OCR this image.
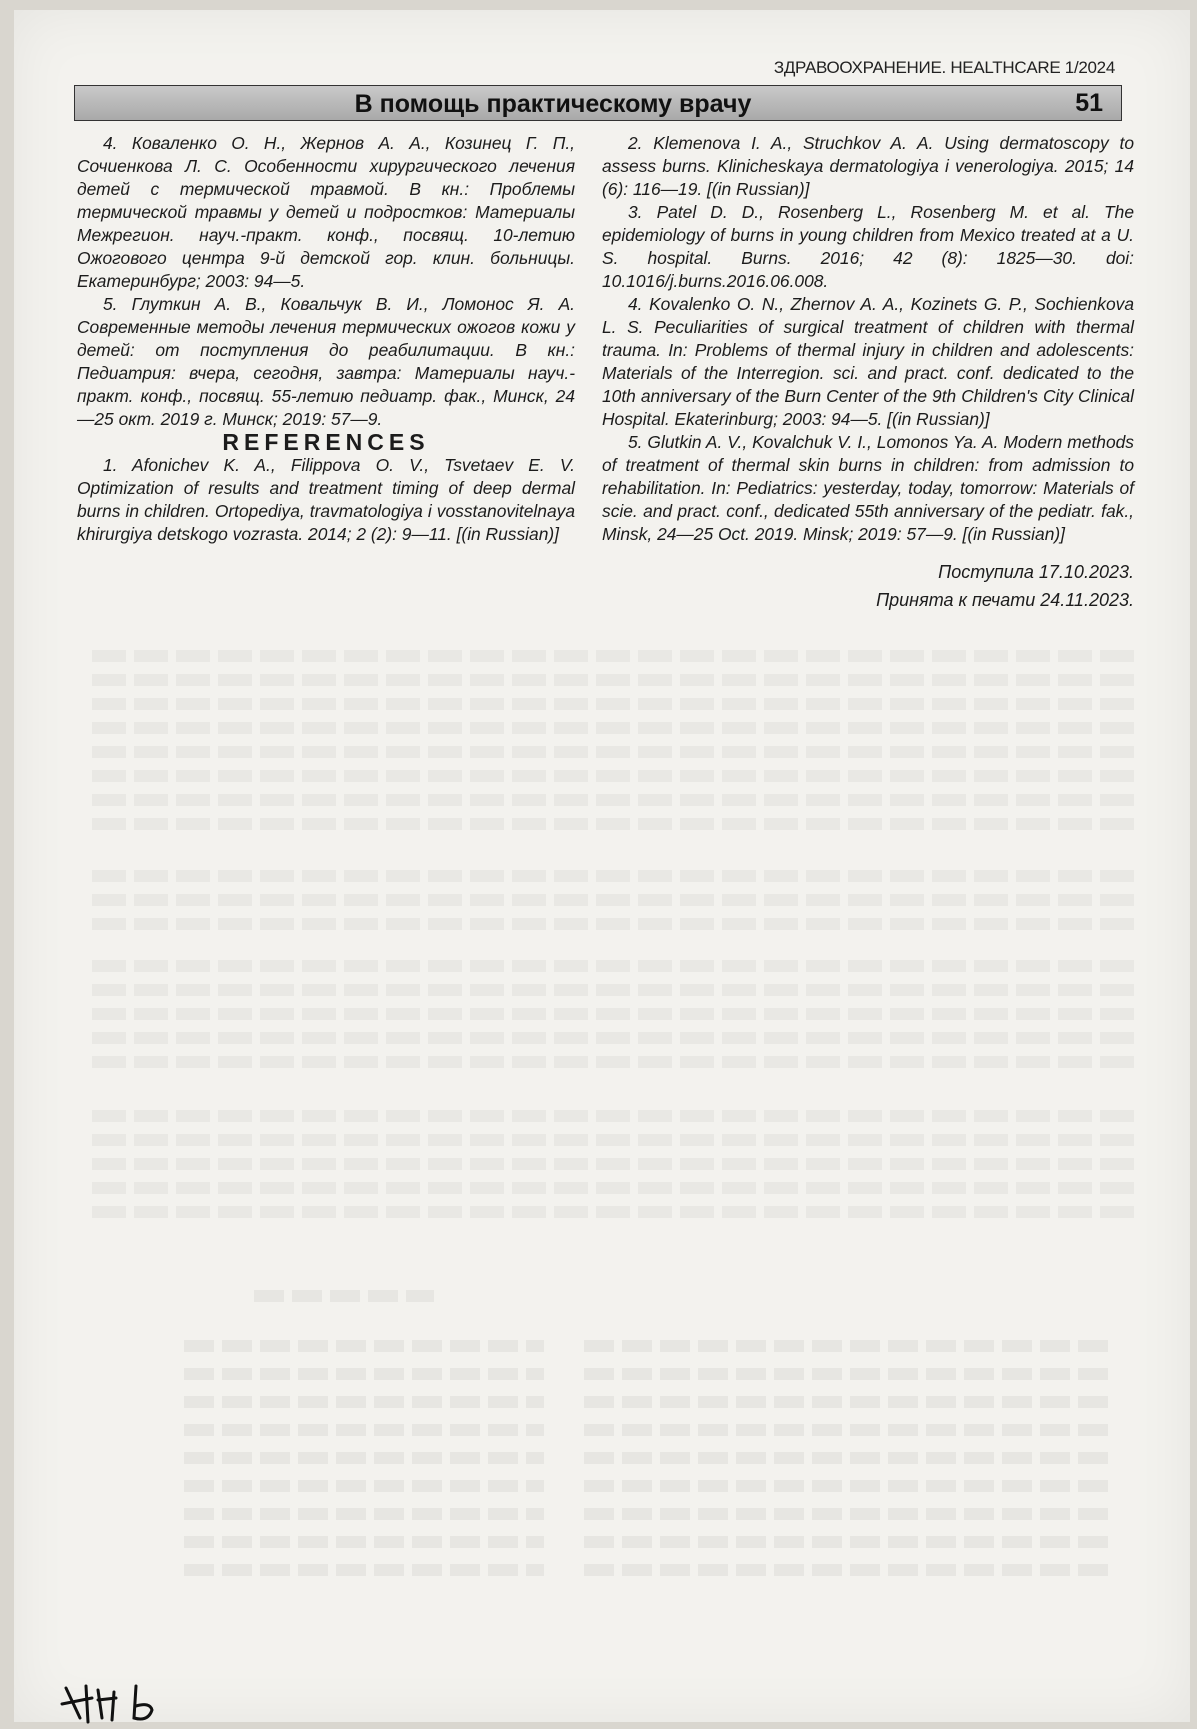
ЗДРАВООХРАНЕНИЕ. HEALTHCARE 1/2024
В помощь практическому врачу	51

4. Коваленко О. Н., Жернов А. А., Козинец Г. П., Сочиенкова Л. С. Особенности хирургического лечения детей с термической травмой. В кн.: Проблемы термической травмы у детей и подростков: Материалы Межрегион. науч.-практ. конф., посвящ. 10-летию Ожогового центра 9-й детской гор. клин. больницы. Екатеринбург; 2003: 94—5.

5. Глуткин А. В., Ковальчук В. И., Ломонос Я. А. Современные методы лечения термических ожогов кожи у детей: от поступления до реабилитации. В кн.: Педиатрия: вчера, сегодня, завтра: Материалы науч.-практ. конф., посвящ. 55-летию педиатр. фак., Минск, 24—25 окт. 2019 г. Минск; 2019: 57—9.

REFERENCES

1. Afonichev K. A., Filippova O. V., Tsvetaev E. V. Optimization of results and treatment timing of deep dermal burns in children. Ortopediya, travmatologiya i vosstanovitelnaya khirurgiya detskogo vozrasta. 2014; 2 (2): 9—11. [(in Russian)]

2. Klemenova I. A., Struchkov A. A. Using dermatoscopy to assess burns. Klinicheskaya dermatologiya i venerologiya. 2015; 14 (6): 116—19. [(in Russian)]

3. Patel D. D., Rosenberg L., Rosenberg M. et al. The epidemiology of burns in young children from Mexico treated at a U. S. hospital. Burns. 2016; 42 (8): 1825—30. doi: 10.1016/j.burns.2016.06.008.

4. Kovalenko O. N., Zhernov A. A., Kozinets G. P., Sochienkova L. S. Peculiarities of surgical treatment of children with thermal trauma. In: Problems of thermal injury in children and adolescents: Materials of the Interregion. sci. and pract. conf. dedicated to the 10th anniversary of the Burn Center of the 9th Children's City Clinical Hospital. Ekaterinburg; 2003: 94—5. [(in Russian)]

5. Glutkin A. V., Kovalchuk V. I., Lomonos Ya. A. Modern methods of treatment of thermal skin burns in children: from admission to rehabilitation. In: Pediatrics: yesterday, today, tomorrow: Materials of scie. and pract. conf., dedicated 55th anniversary of the pediatr. fak., Minsk, 24—25 Oct. 2019. Minsk; 2019: 57—9. [(in Russian)]

Поступила 17.10.2023.
Принята к печати 24.11.2023.
